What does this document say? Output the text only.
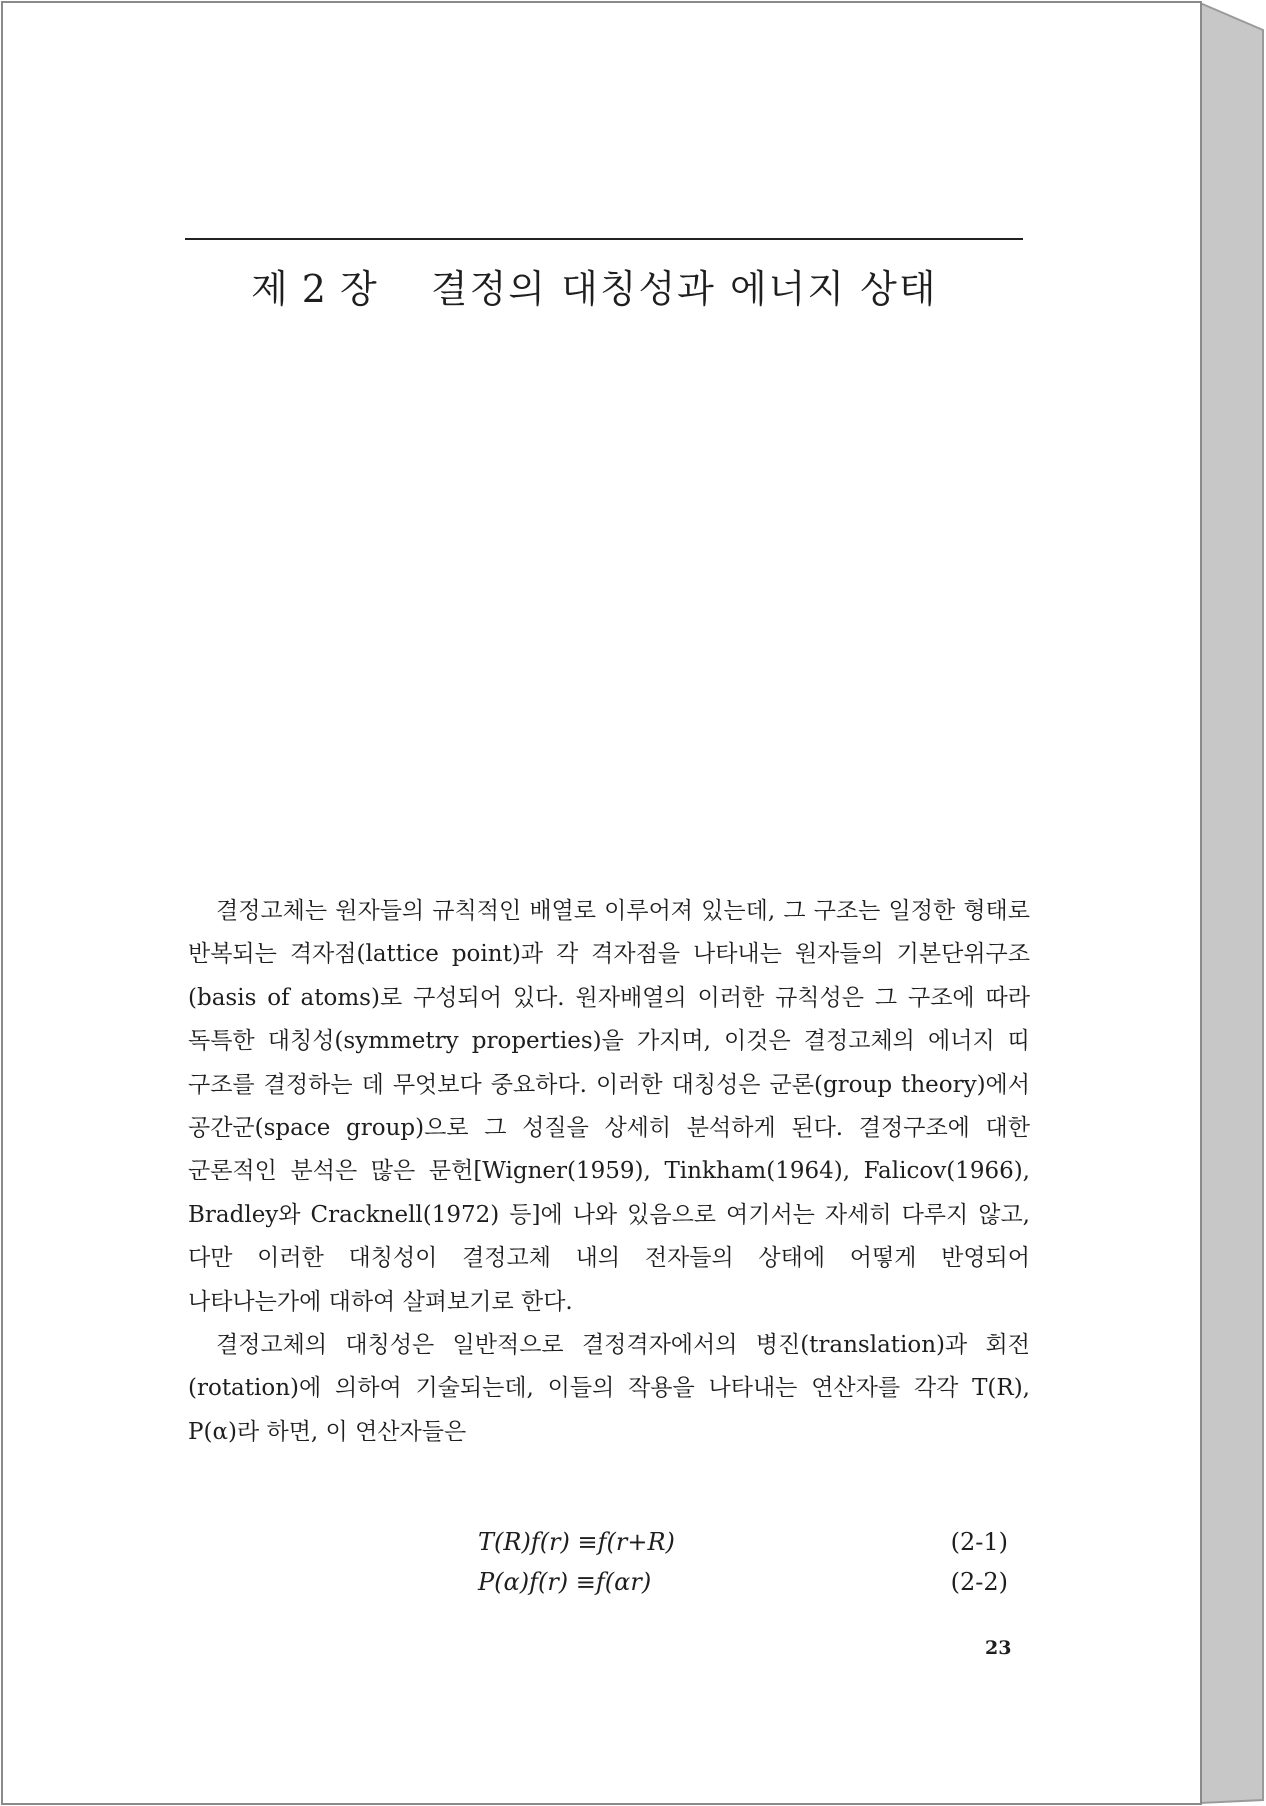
제 2 장 결정의 대칭성과 에너지 상태

결정고체는 원자들의 규칙적인 배열로 이루어져 있는데, 그 구조는 일정한 형태로 반복되는 격자점(lattice point)과 각 격자점을 나타내는 원자들의 기본단위구조(basis of atoms)로 구성되어 있다. 원자배열의 이러한 규칙성은 그 구조에 따라 독특한 대칭성(symmetry properties)을 가지며, 이것은 결정고체의 에너지 띠 구조를 결정하는 데 무엇보다 중요하다. 이러한 대칭성은 군론(group theory)에서 공간군(space group)으로 그 성질을 상세히 분석하게 된다. 결정구조에 대한 군론적인 분석은 많은 문헌[Wigner(1959), Tinkham(1964), Falicov(1966), Bradley와 Cracknell(1972) 등]에 나와 있음으로 여기서는 자세히 다루지 않고, 다만 이러한 대칭성이 결정고체 내의 전자들의 상태에 어떻게 반영되어 나타나는가에 대하여 살펴보기로 한다.

결정고체의 대칭성은 일반적으로 결정격자에서의 병진(translation)과 회전(rotation)에 의하여 기술되는데, 이들의 작용을 나타내는 연산자를 각각 T(R), P(α)라 하면, 이 연산자들은

T(R)f(r) ≡f(r+R)	(2-1)
P(α)f(r) ≡f(αr)	(2-2)
23
